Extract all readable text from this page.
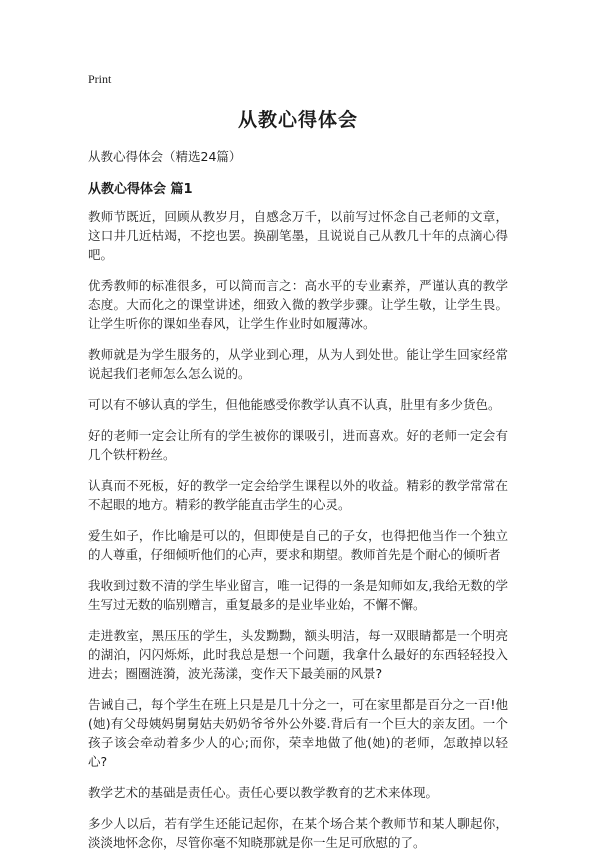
Print
从教心得体会
从教心得体会（精选24篇）
从教心得体会 篇1

教师节既近，回顾从教岁月，自感念万千，以前写过怀念自己老师的文章，这口井几近枯竭，不挖也罢。换副笔墨，且说说自己从教几十年的点滴心得吧。

优秀教师的标准很多，可以简而言之：高水平的专业素养，严谨认真的教学态度。大而化之的课堂讲述，细致入微的教学步骤。让学生敬，让学生畏。让学生听你的课如坐春风，让学生作业时如履薄冰。

教师就是为学生服务的，从学业到心理，从为人到处世。能让学生回家经常说起我们老师怎么怎么说的。

可以有不够认真的学生，但他能感受你教学认真不认真，肚里有多少货色。

好的老师一定会让所有的学生被你的课吸引，进而喜欢。好的老师一定会有几个铁杆粉丝。

认真而不死板，好的教学一定会给学生课程以外的收益。精彩的教学常常在不起眼的地方。精彩的教学能直击学生的心灵。

爱生如子，作比喻是可以的，但即使是自己的子女，也得把他当作一个独立的人尊重，仔细倾听他们的心声，要求和期望。教师首先是个耐心的倾听者

我收到过数不清的学生毕业留言，唯一记得的一条是知师如友,我给无数的学生写过无数的临别赠言，重复最多的是业毕业始，不懈不懈。

走进教室，黑压压的学生，头发黝黝，额头明洁，每一双眼睛都是一个明亮的湖泊，闪闪烁烁，此时我总是想一个问题，我拿什么最好的东西轻轻投入进去；圈圈涟漪，波光荡漾，变作天下最美丽的风景?

告诫自己，每个学生在班上只是是几十分之一，可在家里都是百分之一百!他(她)有父母姨妈舅舅姑夫奶奶爷爷外公外婆.背后有一个巨大的亲友团。一个孩子该会牵动着多少人的心;而你，荣幸地做了他(她)的老师，怎敢掉以轻心?

教学艺术的基础是责任心。责任心要以教学教育的艺术来体现。

多少人以后，若有学生还能记起你，在某个场合某个教师节和某人聊起你，淡淡地怀念你，尽管你毫不知晓那就是你一生足可欣慰的了。
